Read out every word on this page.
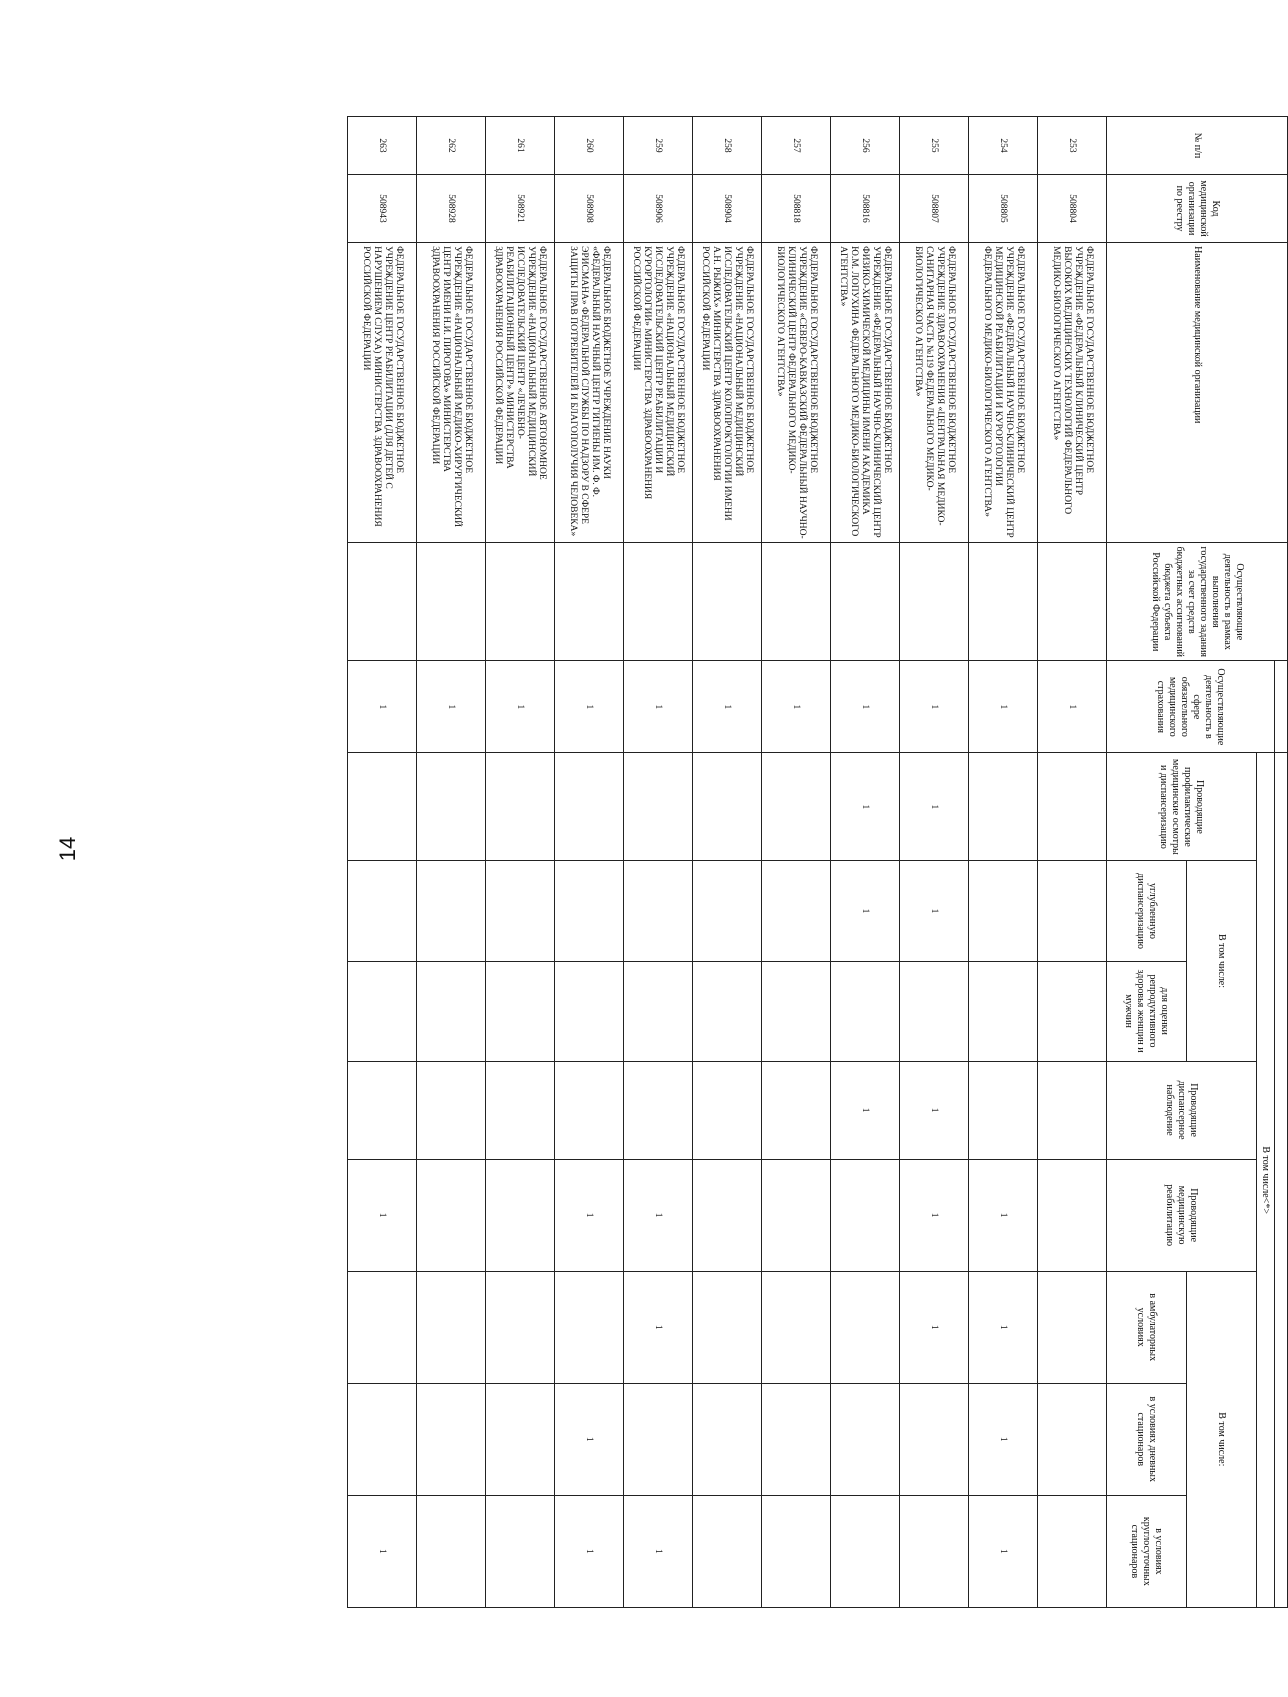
14
№ п/п	Код медицинской организации по реестру	Наименование медицинской организации	Осуществляющие деятельность в рамках выполнения государственного задания за счет средств бюджетных ассигнований бюджета субъекта Российской Федерации									
				Осуществляющие деятельность в сфере обязательного медицинского страхования	В том числе<*>							
					Проводящие профилактические медицинские осмотры и диспансеризацию	В том числе:		Проводящие диспансерное наблюдение	Проводящие медицинскую реабилитацию	В том числе:		
						углубленную диспансеризацию	для оценки репродуктивного здоровья женщин и мужчин			в амбулаторных условиях	в условиях дневных стационаров	в условиях круглосуточных стационаров
253	508804	ФЕДЕРАЛЬНОЕ ГОСУДАРСТВЕННОЕ БЮДЖЕТНОЕ УЧРЕЖДЕНИЕ «ФЕДЕРАЛЬНЫЙ КЛИНИЧЕСКИЙ ЦЕНТР ВЫСОКИХ МЕДИЦИНСКИХ ТЕХНОЛОГИЙ ФЕДЕРАЛЬНОГО МЕДИКО-БИОЛОГИЧЕСКОГО АГЕНТСТВА»		1								
254	508805	ФЕДЕРАЛЬНОЕ ГОСУДАРСТВЕННОЕ БЮДЖЕТНОЕ УЧРЕЖДЕНИЕ «ФЕДЕРАЛЬНЫЙ НАУЧНО-КЛИНИЧЕСКИЙ ЦЕНТР МЕДИЦИНСКОЙ РЕАБИЛИТАЦИИ И КУРОРТОЛОГИИ ФЕДЕРАЛЬНОГО МЕДИКО-БИОЛОГИЧЕСКОГО АГЕНТСТВА»		1					1	1	1	1
255	508807	ФЕДЕРАЛЬНОЕ ГОСУДАРСТВЕННОЕ БЮДЖЕТНОЕ УЧРЕЖДЕНИЕ ЗДРАВООХРАНЕНИЯ «ЦЕНТРАЛЬНАЯ МЕДИКО-САНИТАРНАЯ ЧАСТЬ №119 ФЕДЕРАЛЬНОГО МЕДИКО-БИОЛОГИЧЕСКОГО АГЕНТСТВА»		1	1	1		1	1	1		
256	508816	ФЕДЕРАЛЬНОЕ ГОСУДАРСТВЕННОЕ БЮДЖЕТНОЕ УЧРЕЖДЕНИЕ «ФЕДЕРАЛЬНЫЙ НАУЧНО-КЛИНИЧЕСКИЙ ЦЕНТР ФИЗИКО-ХИМИЧЕСКОЙ МЕДИЦИНЫ ИМЕНИ АКАДЕМИКА Ю.М. ЛОПУХИНА ФЕДЕРАЛЬНОГО МЕДИКО-БИОЛОГИЧЕСКОГО АГЕНТСТВА»		1	1	1		1				
257	508818	ФЕДЕРАЛЬНОЕ ГОСУДАРСТВЕННОЕ БЮДЖЕТНОЕ УЧРЕЖДЕНИЕ «СЕВЕРО-КАВКАЗСКИЙ ФЕДЕРАЛЬНЫЙ НАУЧНО-КЛИНИЧЕСКИЙ ЦЕНТР ФЕДЕРАЛЬНОГО МЕДИКО-БИОЛОГИЧЕСКОГО АГЕНТСТВА»		1								
258	508904	ФЕДЕРАЛЬНОЕ ГОСУДАРСТВЕННОЕ БЮДЖЕТНОЕ УЧРЕЖДЕНИЕ «НАЦИОНАЛЬНЫЙ МЕДИЦИНСКИЙ ИССЛЕДОВАТЕЛЬСКИЙ ЦЕНТР КОЛОПРОКТОЛОГИИ ИМЕНИ А.Н. РЫЖИХ» МИНИСТЕРСТВА ЗДРАВООХРАНЕНИЯ РОССИЙСКОЙ ФЕДЕРАЦИИ		1								
259	508906	ФЕДЕРАЛЬНОЕ ГОСУДАРСТВЕННОЕ БЮДЖЕТНОЕ УЧРЕЖДЕНИЕ «НАЦИОНАЛЬНЫЙ МЕДИЦИНСКИЙ ИССЛЕДОВАТЕЛЬСКИЙ ЦЕНТР РЕАБИЛИТАЦИИ И КУРОРТОЛОГИИ» МИНИСТЕРСТВА ЗДРАВООХРАНЕНИЯ РОССИЙСКОЙ ФЕДЕРАЦИИ		1					1	1		1
260	508908	ФЕДЕРАЛЬНОЕ БЮДЖЕТНОЕ УЧРЕЖДЕНИЕ НАУКИ «ФЕДЕРАЛЬНЫЙ НАУЧНЫЙ ЦЕНТР ГИГИЕНЫ ИМ. Ф. Ф. ЭРИСМАНА» ФЕДЕРАЛЬНОЙ СЛУЖБЫ ПО НАДЗОРУ В СФЕРЕ ЗАЩИТЫ ПРАВ ПОТРЕБИТЕЛЕЙ И БЛАГОПОЛУЧИЯ ЧЕЛОВЕКА»		1					1		1	1
261	508921	ФЕДЕРАЛЬНОЕ ГОСУДАРСТВЕННОЕ АВТОНОМНОЕ УЧРЕЖДЕНИЕ «НАЦИОНАЛЬНЫЙ МЕДИЦИНСКИЙ ИССЛЕДОВАТЕЛЬСКИЙ ЦЕНТР «ЛЕЧЕБНО-РЕАБИЛИТАЦИОННЫЙ ЦЕНТР» МИНИСТЕРСТВА ЗДРАВООХРАНЕНИЯ РОССИЙСКОЙ ФЕДЕРАЦИИ		1								
262	508928	ФЕДЕРАЛЬНОЕ ГОСУДАРСТВЕННОЕ БЮДЖЕТНОЕ УЧРЕЖДЕНИЕ «НАЦИОНАЛЬНЫЙ МЕДИКО-ХИРУРГИЧЕСКИЙ ЦЕНТР ИМЕНИ Н.И. ПИРОГОВА» МИНИСТЕРСТВА ЗДРАВООХРАНЕНИЯ РОССИЙСКОЙ ФЕДЕРАЦИИ		1								
263	508943	ФЕДЕРАЛЬНОЕ ГОСУДАРСТВЕННОЕ БЮДЖЕТНОЕ УЧРЕЖДЕНИЕ ЦЕНТР РЕАБИЛИТАЦИИ (ДЛЯ ДЕТЕЙ С НАРУШЕНИЕМ СЛУХА) МИНИСТЕРСТВА ЗДРАВООХРАНЕНИЯ РОССИЙСКОЙ ФЕДЕРАЦИИ		1					1			1
